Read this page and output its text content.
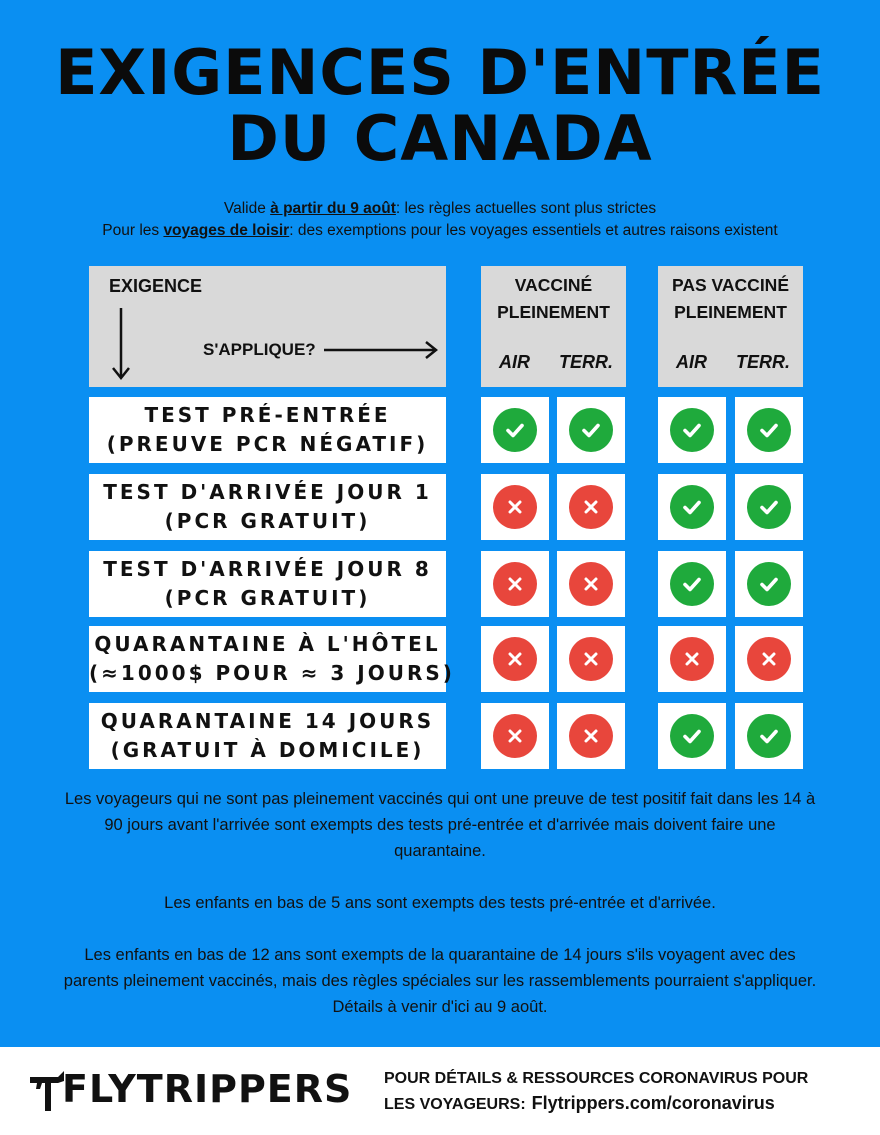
EXIGENCES D'ENTRÉE
DU CANADA
Valide à partir du 9 août: les règles actuelles sont plus strictes
Pour les voyages de loisir: des exemptions pour les voyages essentiels et autres raisons existent
EXIGENCE
S'APPLIQUE?
VACCINÉ
PLEINEMENT
AIR TERR.
PAS VACCINÉ
PLEINEMENT
AIR TERR.
TEST PRÉ-ENTRÉE
(PREUVE PCR NÉGATIF)
TEST D'ARRIVÉE JOUR 1
(PCR GRATUIT)
TEST D'ARRIVÉE JOUR 8
(PCR GRATUIT)
QUARANTAINE À L'HÔTEL
(≈1000$ POUR ≈ 3 JOURS)
QUARANTAINE 14 JOURS
(GRATUIT À DOMICILE)

Les voyageurs qui ne sont pas pleinement vaccinés qui ont une preuve de test positif fait dans les 14 à 90 jours avant l'arrivée sont exempts des tests pré-entrée et d'arrivée mais doivent faire une quarantaine.

Les enfants en bas de 5 ans sont exempts des tests pré-entrée et d'arrivée.

Les enfants en bas de 12 ans sont exempts de la quarantaine de 14 jours s'ils voyagent avec des parents pleinement vaccinés, mais des règles spéciales sur les rassemblements pourraient s'appliquer. Détails à venir d'ici au 9 août.

FLYTRIPPERS POUR DÉTAILS & RESSOURCES CORONAVIRUS POUR
LES VOYAGEURS: Flytrippers.com/coronavirus
